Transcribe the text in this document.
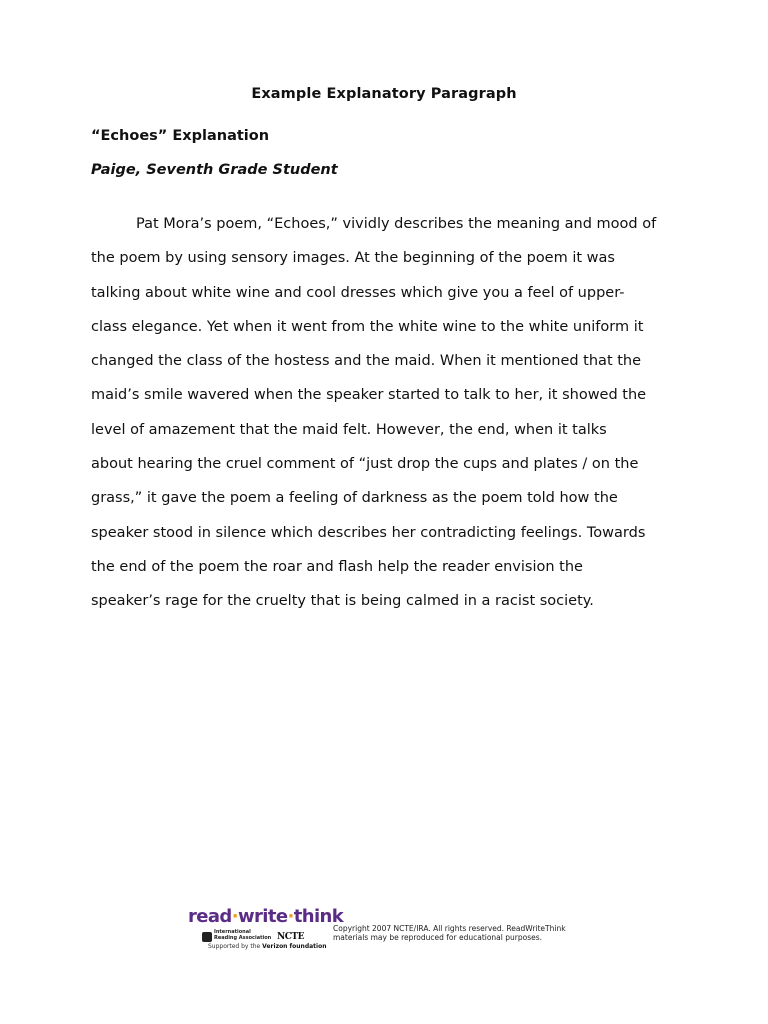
Example Explanatory Paragraph
“Echoes” Explanation
Paige, Seventh Grade Student

Pat Mora’s poem, “Echoes,” vividly describes the meaning and mood of
the poem by using sensory images. At the beginning of the poem it was
talking about white wine and cool dresses which give you a feel of upper-
class elegance. Yet when it went from the white wine to the white uniform it
changed the class of the hostess and the maid. When it mentioned that the
maid’s smile wavered when the speaker started to talk to her, it showed the
level of amazement that the maid felt. However, the end, when it talks
about hearing the cruel comment of “just drop the cups and plates / on the
grass,” it gave the poem a feeling of darkness as the poem told how the
speaker stood in silence which describes her contradicting feelings. Towards
the end of the poem the roar and flash help the reader envision the
speaker’s rage for the cruelty that is being calmed in a racist society.

read·write·think
International Reading Association NCTE
Supported by the Verizon foundation
Copyright 2007 NCTE/IRA. All rights reserved. ReadWriteThink
materials may be reproduced for educational purposes.
